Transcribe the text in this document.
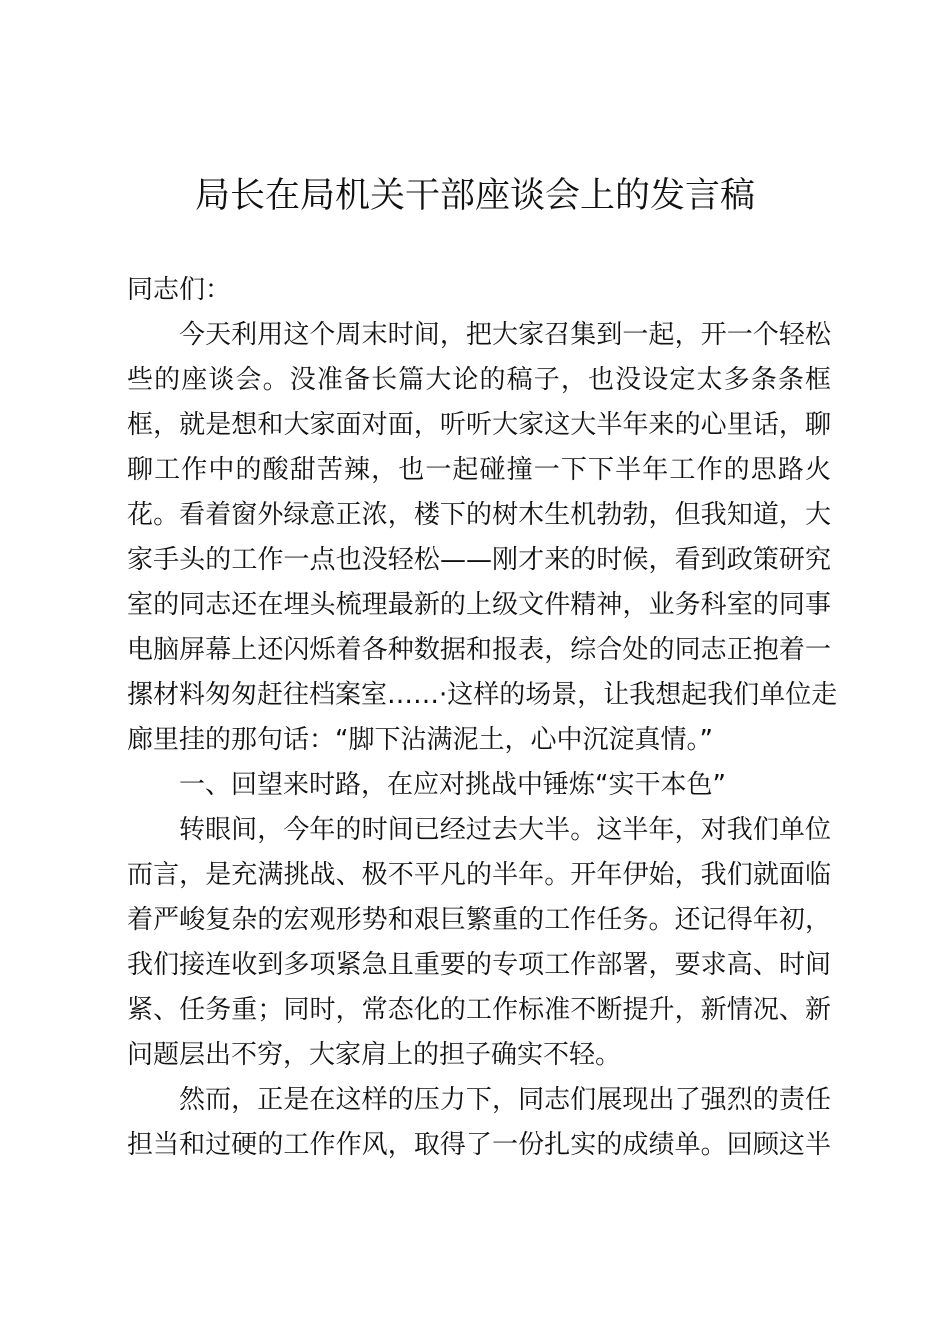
局长在局机关干部座谈会上的发言稿
同志们：
今天利用这个周末时间，把大家召集到一起，开一个轻松
些的座谈会。没准备长篇大论的稿子，也没设定太多条条框
框，就是想和大家面对面，听听大家这大半年来的心里话，聊
聊工作中的酸甜苦辣，也一起碰撞一下下半年工作的思路火
花。看着窗外绿意正浓，楼下的树木生机勃勃，但我知道，大
家手头的工作一点也没轻松——刚才来的时候，看到政策研究
室的同志还在埋头梳理最新的上级文件精神，业务科室的同事
电脑屏幕上还闪烁着各种数据和报表，综合处的同志正抱着一
摞材料匆匆赶往档案室……·这样的场景，让我想起我们单位走
廊里挂的那句话：“脚下沾满泥土，心中沉淀真情。”
一、回望来时路，在应对挑战中锤炼“实干本色”
转眼间，今年的时间已经过去大半。这半年，对我们单位
而言，是充满挑战、极不平凡的半年。开年伊始，我们就面临
着严峻复杂的宏观形势和艰巨繁重的工作任务。还记得年初，
我们接连收到多项紧急且重要的专项工作部署，要求高、时间
紧、任务重；同时，常态化的工作标准不断提升，新情况、新
问题层出不穷，大家肩上的担子确实不轻。
然而，正是在这样的压力下，同志们展现出了强烈的责任
担当和过硬的工作作风，取得了一份扎实的成绩单。回顾这半
